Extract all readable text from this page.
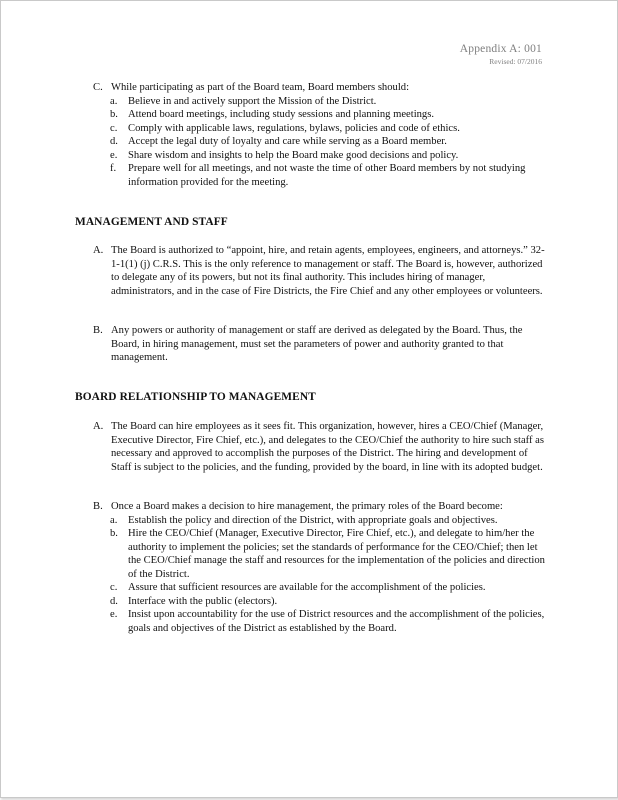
Appendix A: 001
Revised: 07/2016
C. While participating as part of the Board team, Board members should:
a. Believe in and actively support the Mission of the District.
b. Attend board meetings, including study sessions and planning meetings.
c. Comply with applicable laws, regulations, bylaws, policies and code of ethics.
d. Accept the legal duty of loyalty and care while serving as a Board member.
e. Share wisdom and insights to help the Board make good decisions and policy.
f. Prepare well for all meetings, and not waste the time of other Board members by not studying information provided for the meeting.
MANAGEMENT AND STAFF
A. The Board is authorized to “appoint, hire, and retain agents, employees, engineers, and attorneys.” 32-1-1(1) (j) C.R.S. This is the only reference to management or staff. The Board is, however, authorized to delegate any of its powers, but not its final authority. This includes hiring of manager, administrators, and in the case of Fire Districts, the Fire Chief and any other employees or volunteers.
B. Any powers or authority of management or staff are derived as delegated by the Board. Thus, the Board, in hiring management, must set the parameters of power and authority granted to that management.
BOARD RELATIONSHIP TO MANAGEMENT
A. The Board can hire employees as it sees fit. This organization, however, hires a CEO/Chief (Manager, Executive Director, Fire Chief, etc.), and delegates to the CEO/Chief the authority to hire such staff as necessary and approved to accomplish the purposes of the District. The hiring and development of Staff is subject to the policies, and the funding, provided by the board, in line with its adopted budget.
B. Once a Board makes a decision to hire management, the primary roles of the Board become:
a. Establish the policy and direction of the District, with appropriate goals and objectives.
b. Hire the CEO/Chief (Manager, Executive Director, Fire Chief, etc.), and delegate to him/her the authority to implement the policies; set the standards of performance for the CEO/Chief; then let the CEO/Chief manage the staff and resources for the implementation of the policies and direction of the District.
c. Assure that sufficient resources are available for the accomplishment of the policies.
d. Interface with the public (electors).
e. Insist upon accountability for the use of District resources and the accomplishment of the policies, goals and objectives of the District as established by the Board.
